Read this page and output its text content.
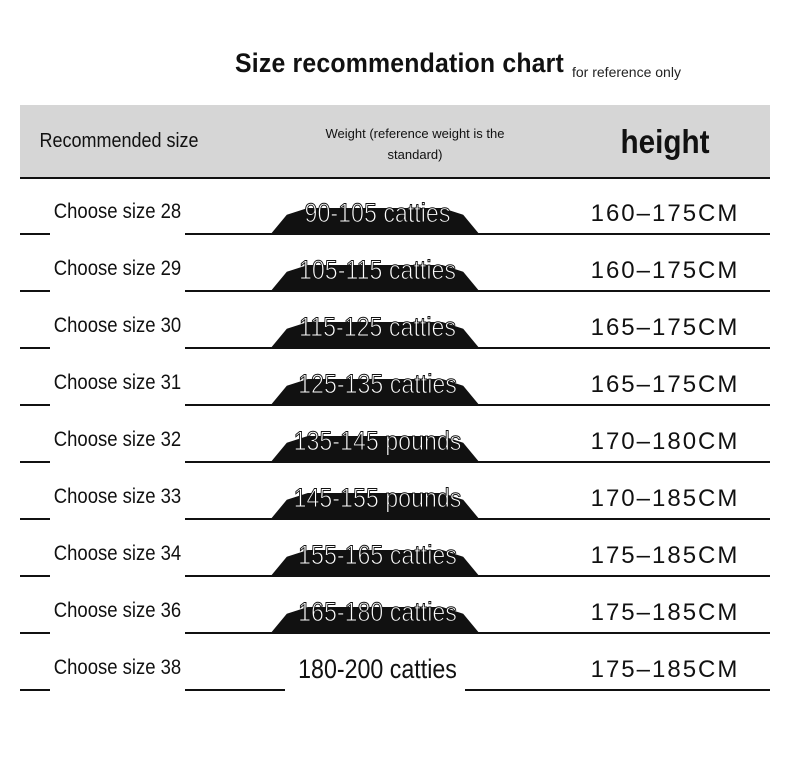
Size recommendation chart for reference only
Recommended size	Weight (reference weight is the standard)	height
Choose size 28	90-105 catties	160–175CM
Choose size 29	105-115 catties	160–175CM
Choose size 30	115-125 catties	165–175CM
Choose size 31	125-135 catties	165–175CM
Choose size 32	135-145 pounds	170–180CM
Choose size 33	145-155 pounds	170–185CM
Choose size 34	155-165 catties	175–185CM
Choose size 36	165-180 catties	175–185CM
Choose size 38	180-200 catties	175–185CM
